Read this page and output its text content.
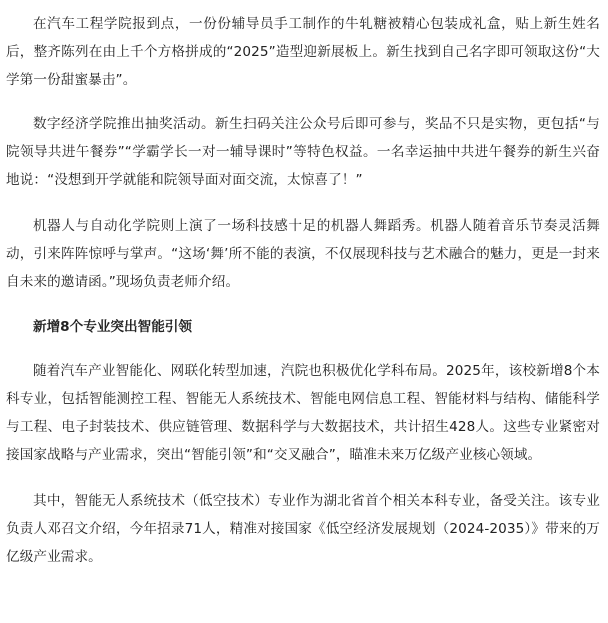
在汽车工程学院报到点，一份份辅导员手工制作的牛轧糖被精心包装成礼盒，贴上新生姓名后，整齐陈列在由上千个方格拼成的“2025”造型迎新展板上。新生找到自己名字即可领取这份“大学第一份甜蜜暴击”。

数字经济学院推出抽奖活动。新生扫码关注公众号后即可参与，奖品不只是实物，更包括“与院领导共进午餐券”“学霸学长一对一辅导课时”等特色权益。一名幸运抽中共进午餐券的新生兴奋地说：“没想到开学就能和院领导面对面交流，太惊喜了！”

机器人与自动化学院则上演了一场科技感十足的机器人舞蹈秀。机器人随着音乐节奏灵活舞动，引来阵阵惊呼与掌声。“这场‘舞’所不能的表演，不仅展现科技与艺术融合的魅力，更是一封来自未来的邀请函。”现场负责老师介绍。

新增8个专业突出智能引领

随着汽车产业智能化、网联化转型加速，汽院也积极优化学科布局。2025年，该校新增8个本科专业，包括智能测控工程、智能无人系统技术、智能电网信息工程、智能材料与结构、储能科学与工程、电子封装技术、供应链管理、数据科学与大数据技术，共计招生428人。这些专业紧密对接国家战略与产业需求，突出“智能引领”和“交叉融合”，瞄准未来万亿级产业核心领域。

其中，智能无人系统技术（低空技术）专业作为湖北省首个相关本科专业，备受关注。该专业负责人邓召文介绍，今年招录71人，精准对接国家《低空经济发展规划（2024-2035）》带来的万亿级产业需求。
